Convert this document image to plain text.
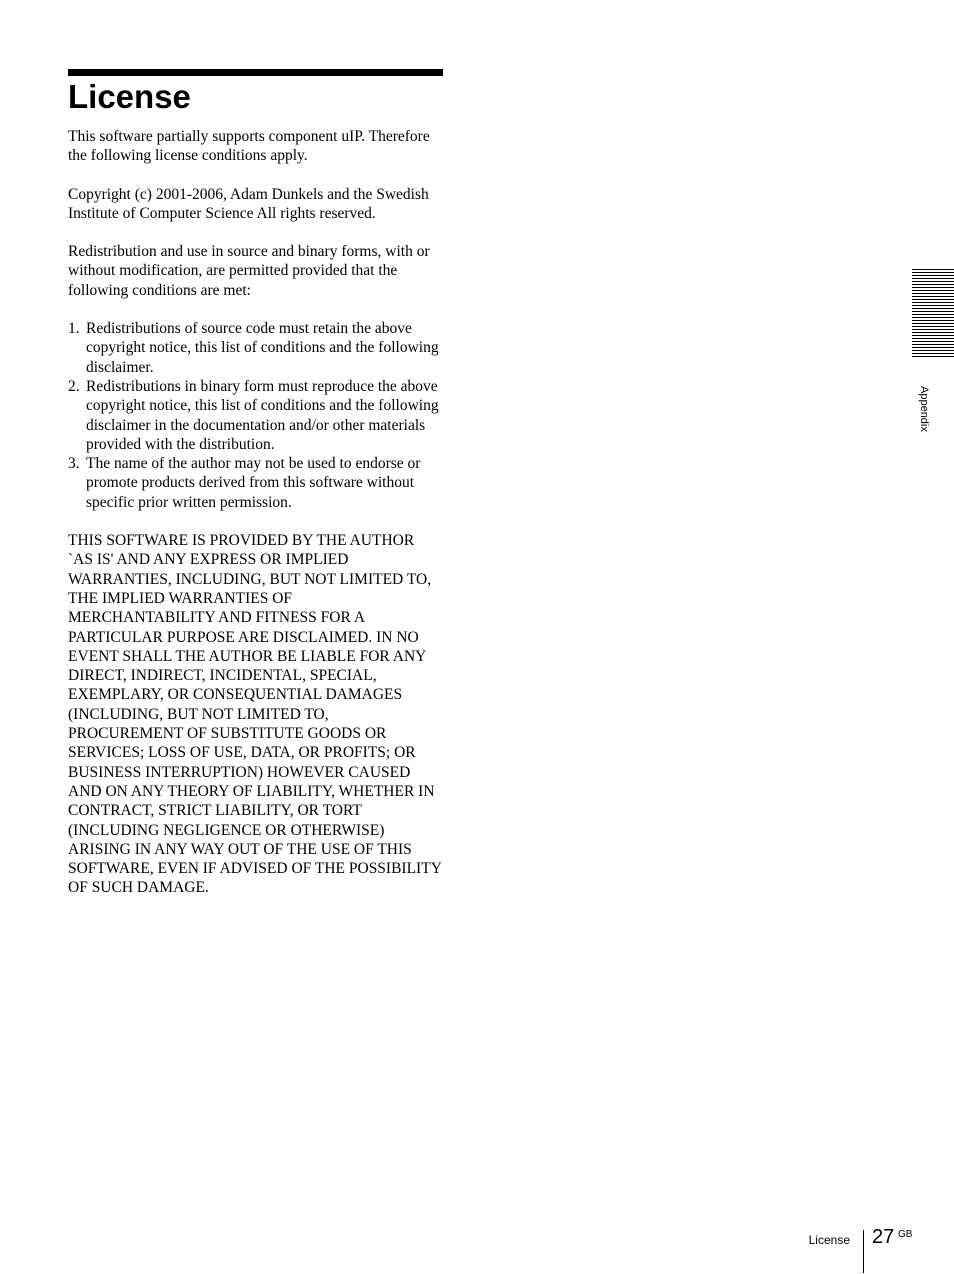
License

This software partially supports component uIP. Therefore the following license conditions apply.

Copyright (c) 2001-2006, Adam Dunkels and the Swedish Institute of Computer Science All rights reserved.

Redistribution and use in source and binary forms, with or without modification, are permitted provided that the following conditions are met:

1. Redistributions of source code must retain the above copyright notice, this list of conditions and the following disclaimer.
2. Redistributions in binary form must reproduce the above copyright notice, this list of conditions and the following disclaimer in the documentation and/or other materials provided with the distribution.
3. The name of the author may not be used to endorse or promote products derived from this software without specific prior written permission.

THIS SOFTWARE IS PROVIDED BY THE AUTHOR `AS IS' AND ANY EXPRESS OR IMPLIED WARRANTIES, INCLUDING, BUT NOT LIMITED TO, THE IMPLIED WARRANTIES OF MERCHANTABILITY AND FITNESS FOR A PARTICULAR PURPOSE ARE DISCLAIMED. IN NO EVENT SHALL THE AUTHOR BE LIABLE FOR ANY DIRECT, INDIRECT, INCIDENTAL, SPECIAL, EXEMPLARY, OR CONSEQUENTIAL DAMAGES (INCLUDING, BUT NOT LIMITED TO, PROCUREMENT OF SUBSTITUTE GOODS OR SERVICES; LOSS OF USE, DATA, OR PROFITS; OR BUSINESS INTERRUPTION) HOWEVER CAUSED AND ON ANY THEORY OF LIABILITY, WHETHER IN CONTRACT, STRICT LIABILITY, OR TORT (INCLUDING NEGLIGENCE OR OTHERWISE) ARISING IN ANY WAY OUT OF THE USE OF THIS SOFTWARE, EVEN IF ADVISED OF THE POSSIBILITY OF SUCH DAMAGE.

Appendix
License 27 GB
